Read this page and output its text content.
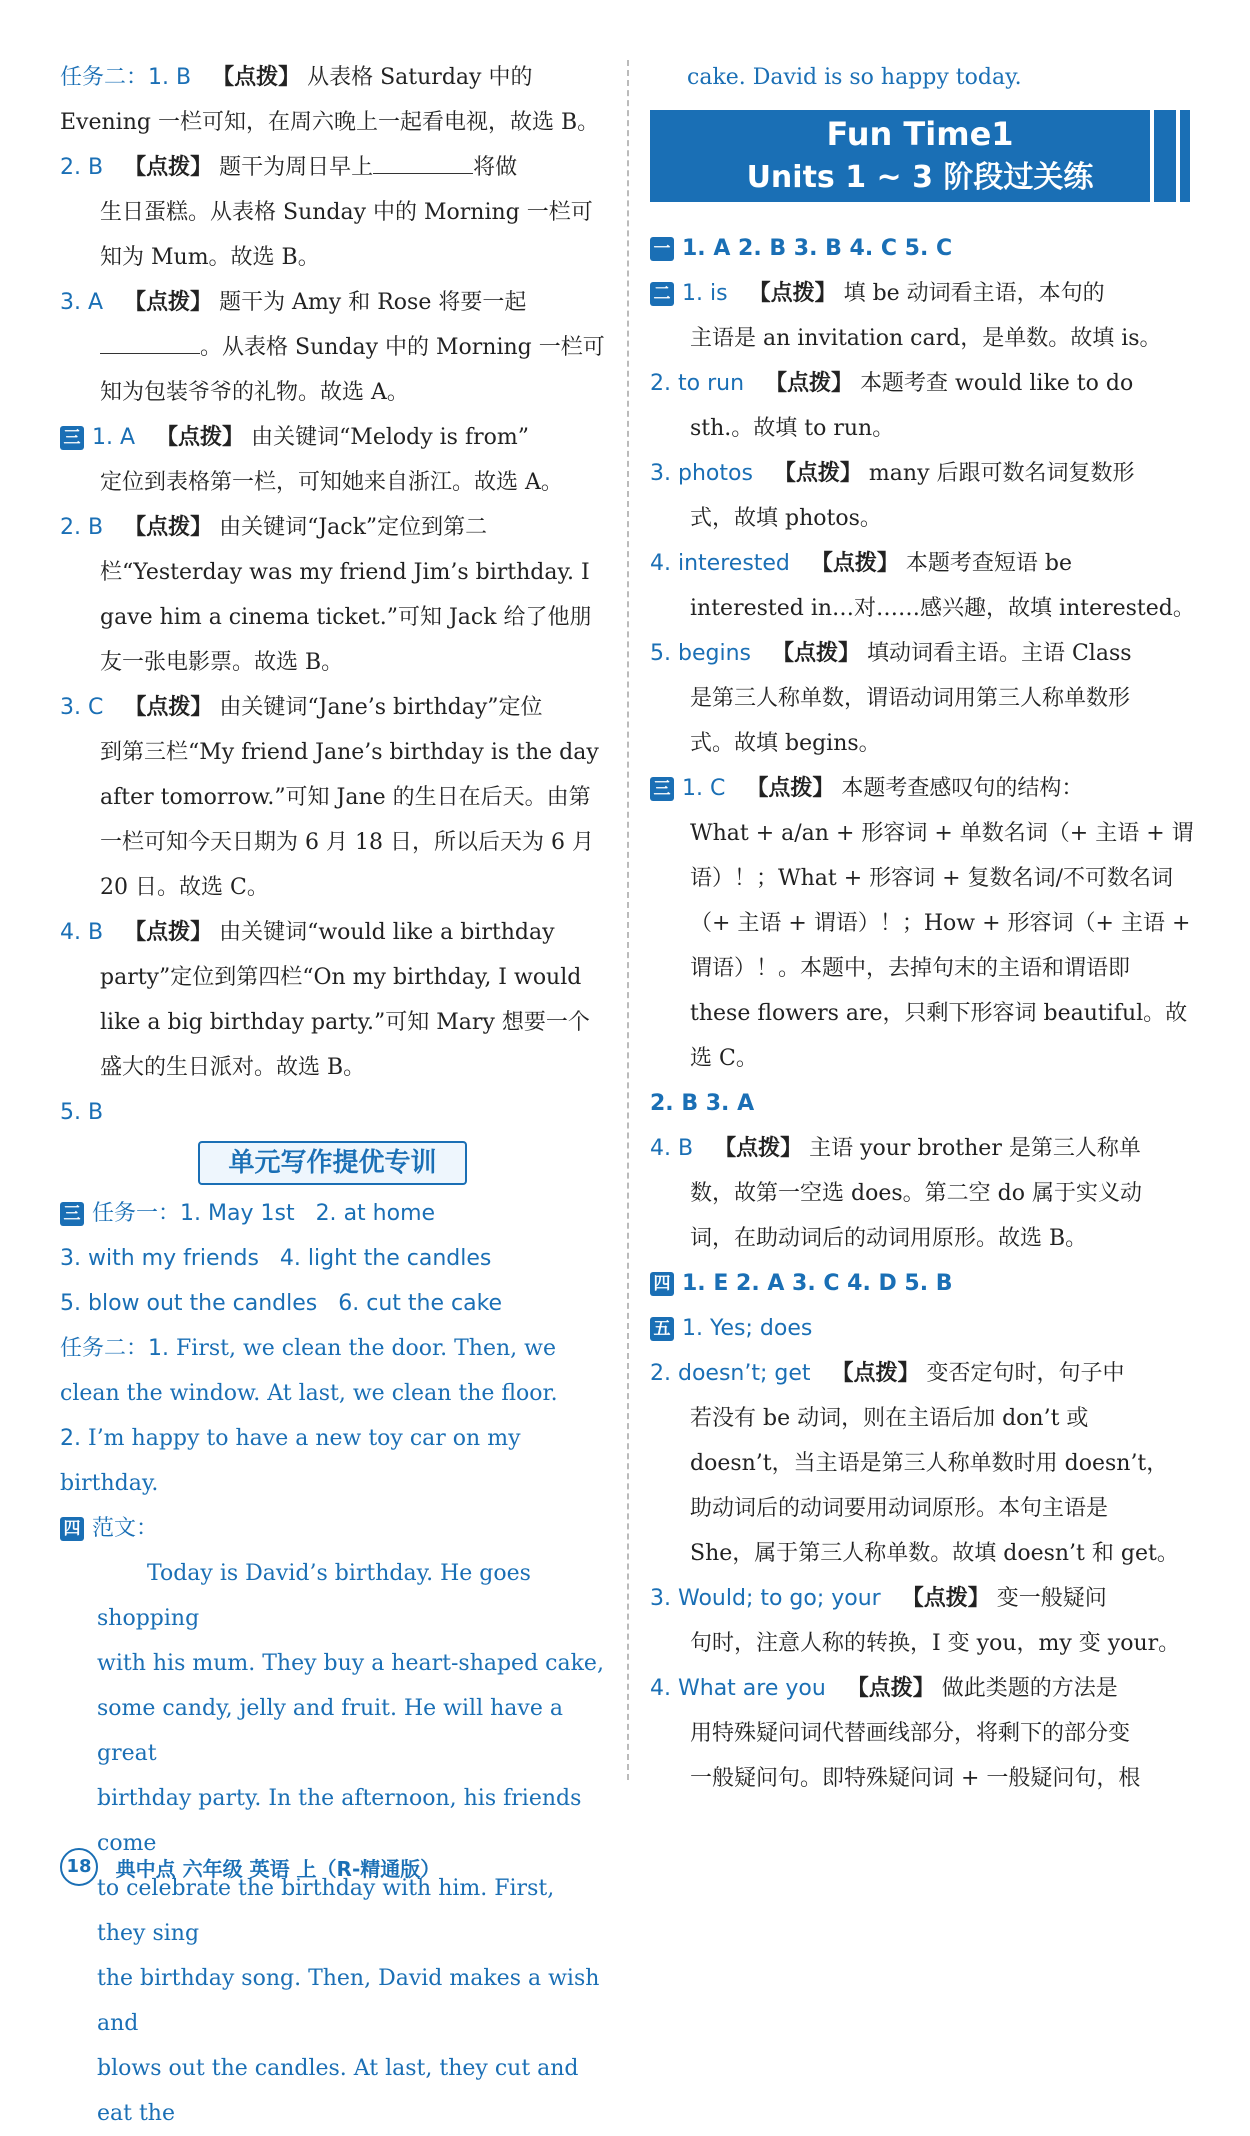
任务二：1. B 【点拨】 从表格 Saturday 中的

Evening 一栏可知，在周六晚上一起看电视，故选 B。

2. B 【点拨】 题干为周日早上	将做

生日蛋糕。从表格 Sunday 中的 Morning 一栏可

知为 Mum。故选 B。

3. A 【点拨】 题干为 Amy 和 Rose 将要一起

。从表格 Sunday 中的 Morning 一栏可

知为包装爷爷的礼物。故选 A。

三 1. A 【点拨】 由关键词“Melody is from”

定位到表格第一栏，可知她来自浙江。故选 A。

2. B 【点拨】 由关键词“Jack”定位到第二

栏“Yesterday was my friend Jim’s birthday. I

gave him a cinema ticket.”可知 Jack 给了他朋

友一张电影票。故选 B。

3. C 【点拨】 由关键词“Jane’s birthday”定位

到第三栏“My friend Jane’s birthday is the day

after tomorrow.”可知 Jane 的生日在后天。由第

一栏可知今天日期为 6 月 18 日，所以后天为 6 月

20 日。故选 C。

4. B 【点拨】 由关键词“would like a birthday

party”定位到第四栏“On my birthday, I would

like a big birthday party.”可知 Mary 想要一个

盛大的生日派对。故选 B。

5. B

单元写作提优专训

三 任务一：1. May 1st 2. at home

3. with my friends 4. light the candles

5. blow out the candles 6. cut the cake

任务二：1. First, we clean the door. Then, we

clean the window. At last, we clean the floor.

2. I’m happy to have a new toy car on my birthday.

四 范文：

Today is David’s birthday. He goes shopping

with his mum. They buy a heart-shaped cake,

some candy, jelly and fruit. He will have a great

birthday party. In the afternoon, his friends come

to celebrate the birthday with him. First, they sing

the birthday song. Then, David makes a wish and

blows out the candles. At last, they cut and eat the

cake. David is so happy today.

Fun Time1
Units 1 ~ 3 阶段过关练

一 1. A 2. B 3. B 4. C 5. C

二 1. is 【点拨】 填 be 动词看主语，本句的

主语是 an invitation card，是单数。故填 is。

2. to run 【点拨】 本题考查 would like to do

sth.。故填 to run。

3. photos 【点拨】 many 后跟可数名词复数形

式，故填 photos。

4. interested 【点拨】 本题考查短语 be

interested in…对……感兴趣，故填 interested。

5. begins 【点拨】 填动词看主语。主语 Class

是第三人称单数，谓语动词用第三人称单数形

式。故填 begins。

三 1. C 【点拨】 本题考查感叹句的结构：

What + a/an + 形容词 + 单数名词（+ 主语 + 谓

语）！；What + 形容词 + 复数名词/不可数名词

（+ 主语 + 谓语）！；How + 形容词（+ 主语 +

谓语）！。本题中，去掉句末的主语和谓语即

these flowers are，只剩下形容词 beautiful。故

选 C。

2. B 3. A

4. B 【点拨】 主语 your brother 是第三人称单

数，故第一空选 does。第二空 do 属于实义动

词，在助动词后的动词用原形。故选 B。

四 1. E 2. A 3. C 4. D 5. B

五 1. Yes; does

2. doesn’t; get 【点拨】 变否定句时，句子中

若没有 be 动词，则在主语后加 don’t 或

doesn’t，当主语是第三人称单数时用 doesn’t，

助动词后的动词要用动词原形。本句主语是

She，属于第三人称单数。故填 doesn’t 和 get。

3. Would; to go; your 【点拨】 变一般疑问

句时，注意人称的转换，I 变 you，my 变 your。

4. What are you 【点拨】 做此类题的方法是

用特殊疑问词代替画线部分，将剩下的部分变

一般疑问句。即特殊疑问词 + 一般疑问句，根

18 典中点 六年级 英语 上（R-精通版）
